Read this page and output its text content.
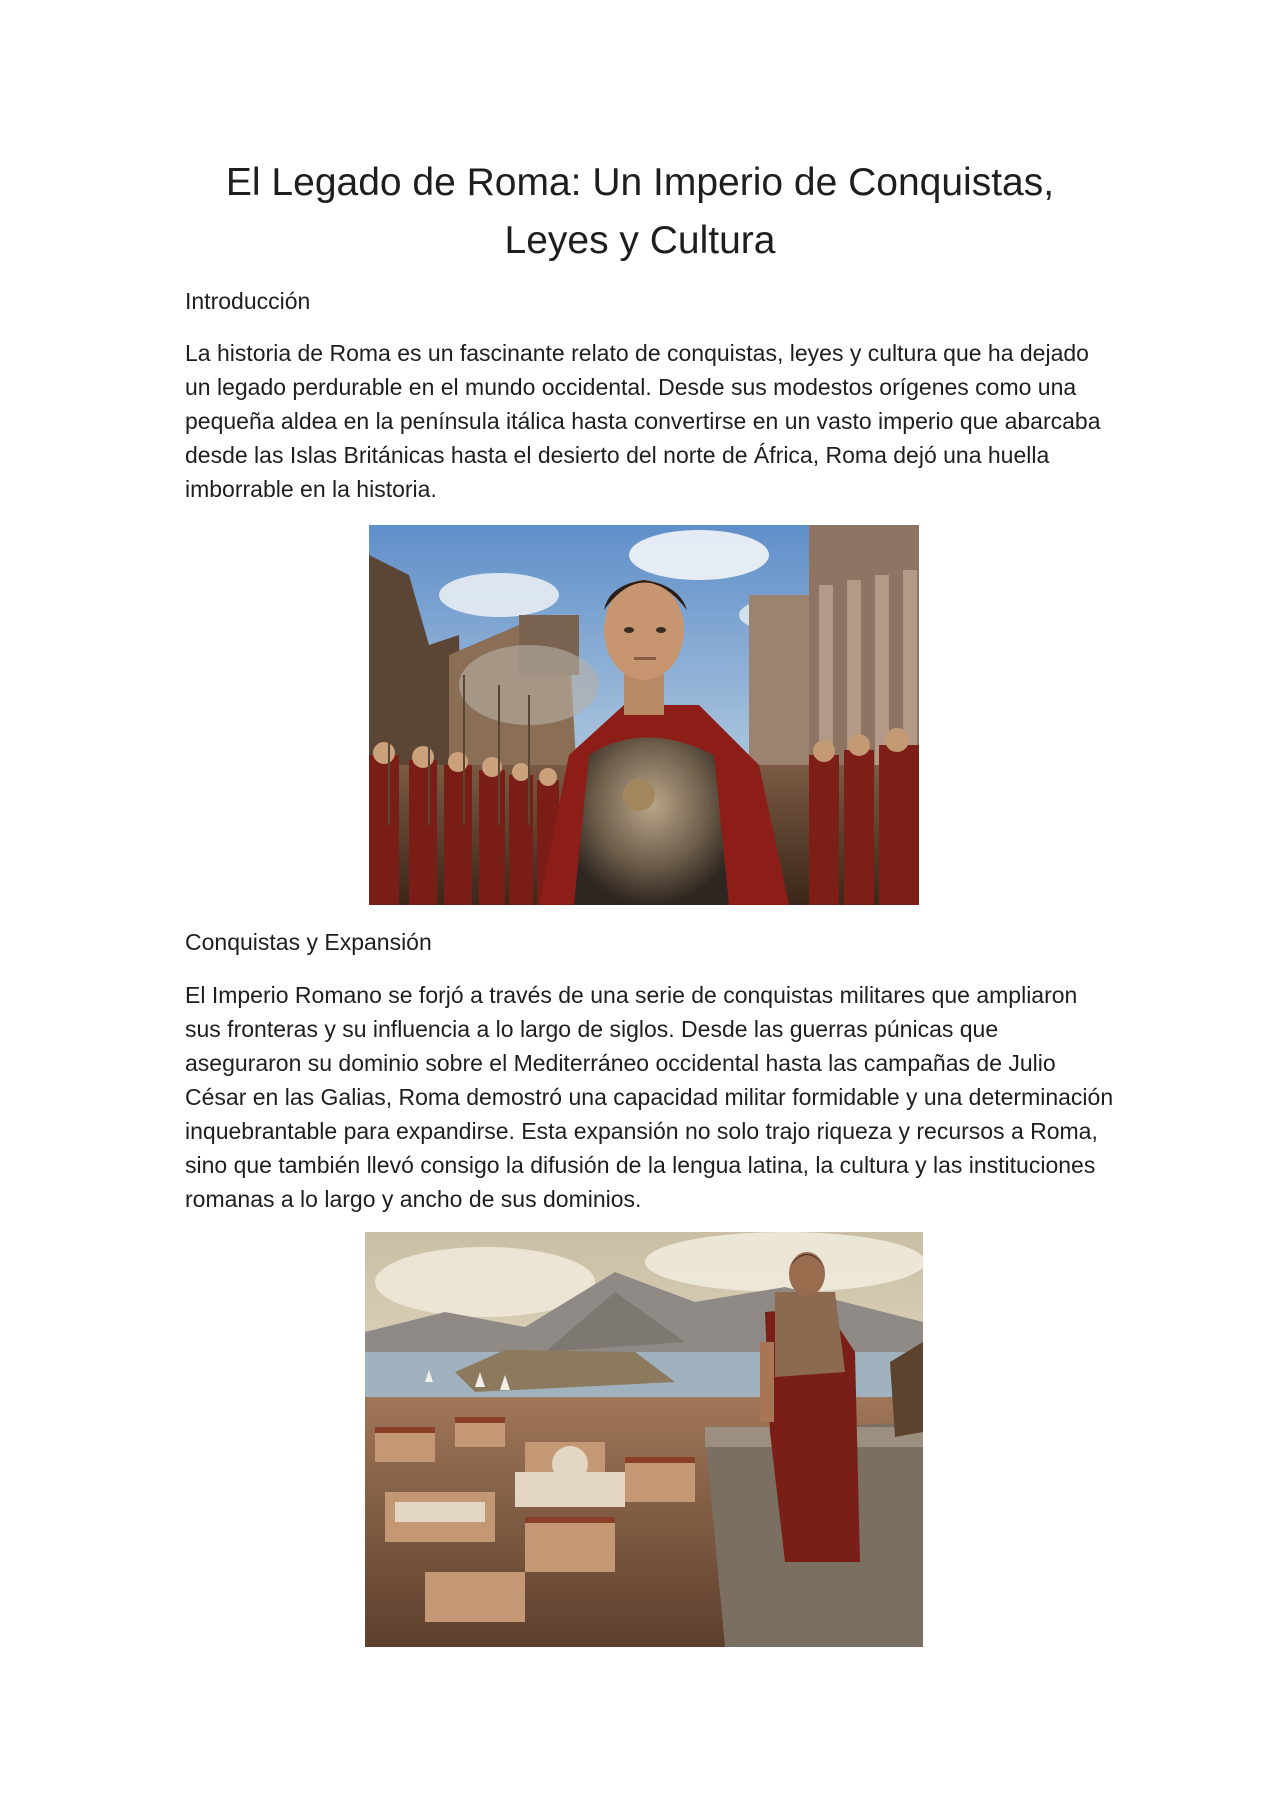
El Legado de Roma: Un Imperio de Conquistas, Leyes y Cultura
Introducción

La historia de Roma es un fascinante relato de conquistas, leyes y cultura que ha dejado un legado perdurable en el mundo occidental. Desde sus modestos orígenes como una pequeña aldea en la península itálica hasta convertirse en un vasto imperio que abarcaba desde las Islas Británicas hasta el desierto del norte de África, Roma dejó una huella imborrable en la historia.

Conquistas y Expansión

El Imperio Romano se forjó a través de una serie de conquistas militares que ampliaron sus fronteras y su influencia a lo largo de siglos. Desde las guerras púnicas que aseguraron su dominio sobre el Mediterráneo occidental hasta las campañas de Julio César en las Galias, Roma demostró una capacidad militar formidable y una determinación inquebrantable para expandirse. Esta expansión no solo trajo riqueza y recursos a Roma, sino que también llevó consigo la difusión de la lengua latina, la cultura y las instituciones romanas a lo largo y ancho de sus dominios.
